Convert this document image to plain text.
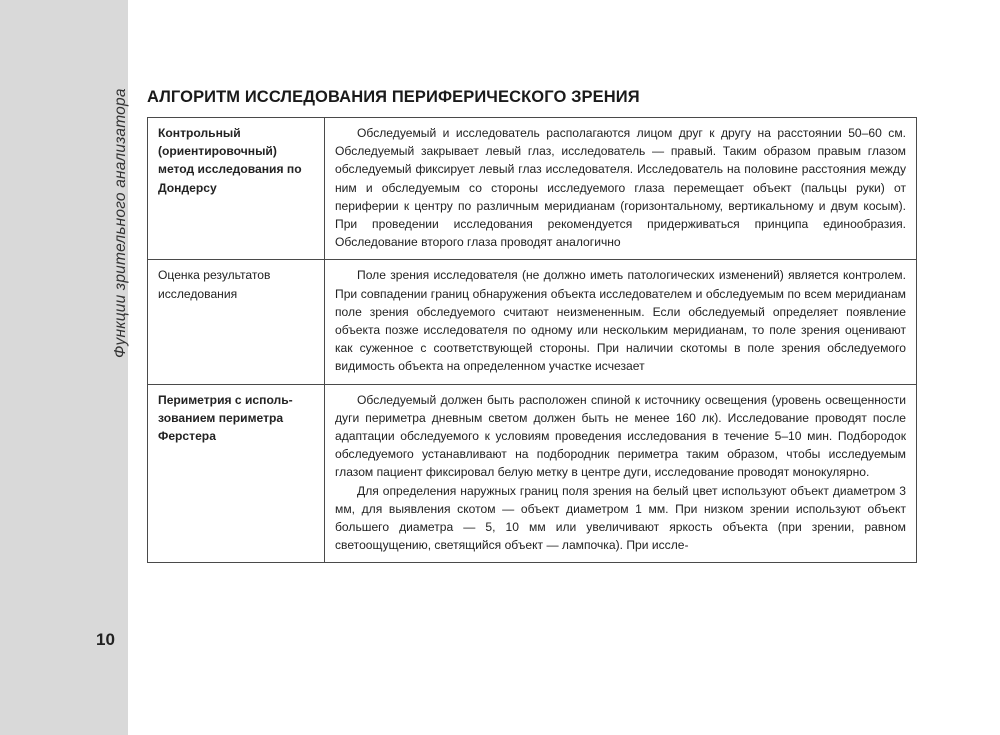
Функции зрительного анализатора
10
АЛГОРИТМ ИССЛЕДОВАНИЯ ПЕРИФЕРИЧЕСКОГО ЗРЕНИЯ
Контрольный (ориентировочный) метод исследования по Дондерсу	Обследуемый и исследователь располагаются лицом друг к другу на расстоянии 50–60 см. Обследуемый закрывает левый глаз, исследователь — правый. Таким образом правым глазом обследуемый фиксирует левый глаз исследователя. Исследователь на половине расстояния между ним и обследуемым со стороны исследуемого глаза перемещает объект (пальцы руки) от периферии к центру по различным меридианам (горизонтальному, вертикальному и двум косым). При проведении исследования рекомендуется придерживаться принципа единообразия. Обследование второго глаза проводят аналогично

Оценка результатов исследования	Поле зрения исследователя (не должно иметь патологических изменений) является контролем. При совпадении границ обнаружения объекта исследователем и обследуемым по всем меридианам поле зрения обследуемого считают неизмененным. Если обследуемый определяет появление объекта позже исследователя по одному или нескольким меридианам, то поле зрения оценивают как суженное с соответствующей стороны. При наличии скотомы в поле зрения обследуемого видимость объекта на определенном участке исчезает

Периметрия с использованием периметра Ферстера	Обследуемый должен быть расположен спиной к источнику освещения (уровень освещенности дуги периметра дневным светом должен быть не менее 160 лк). Исследование проводят после адаптации обследуемого к условиям проведения исследования в течение 5–10 мин. Подбородок обследуемого устанавливают на подбородник периметра таким образом, чтобы исследуемым глазом пациент фиксировал белую метку в центре дуги, исследование проводят монокулярно.

Для определения наружных границ поля зрения на белый цвет используют объект диаметром 3 мм, для выявления скотом — объект диаметром 1 мм. При низком зрении используют объект большего диаметра — 5, 10 мм или увеличивают яркость объекта (при зрении, равном светоощущению, светящийся объект — лампочка). При иссле-
